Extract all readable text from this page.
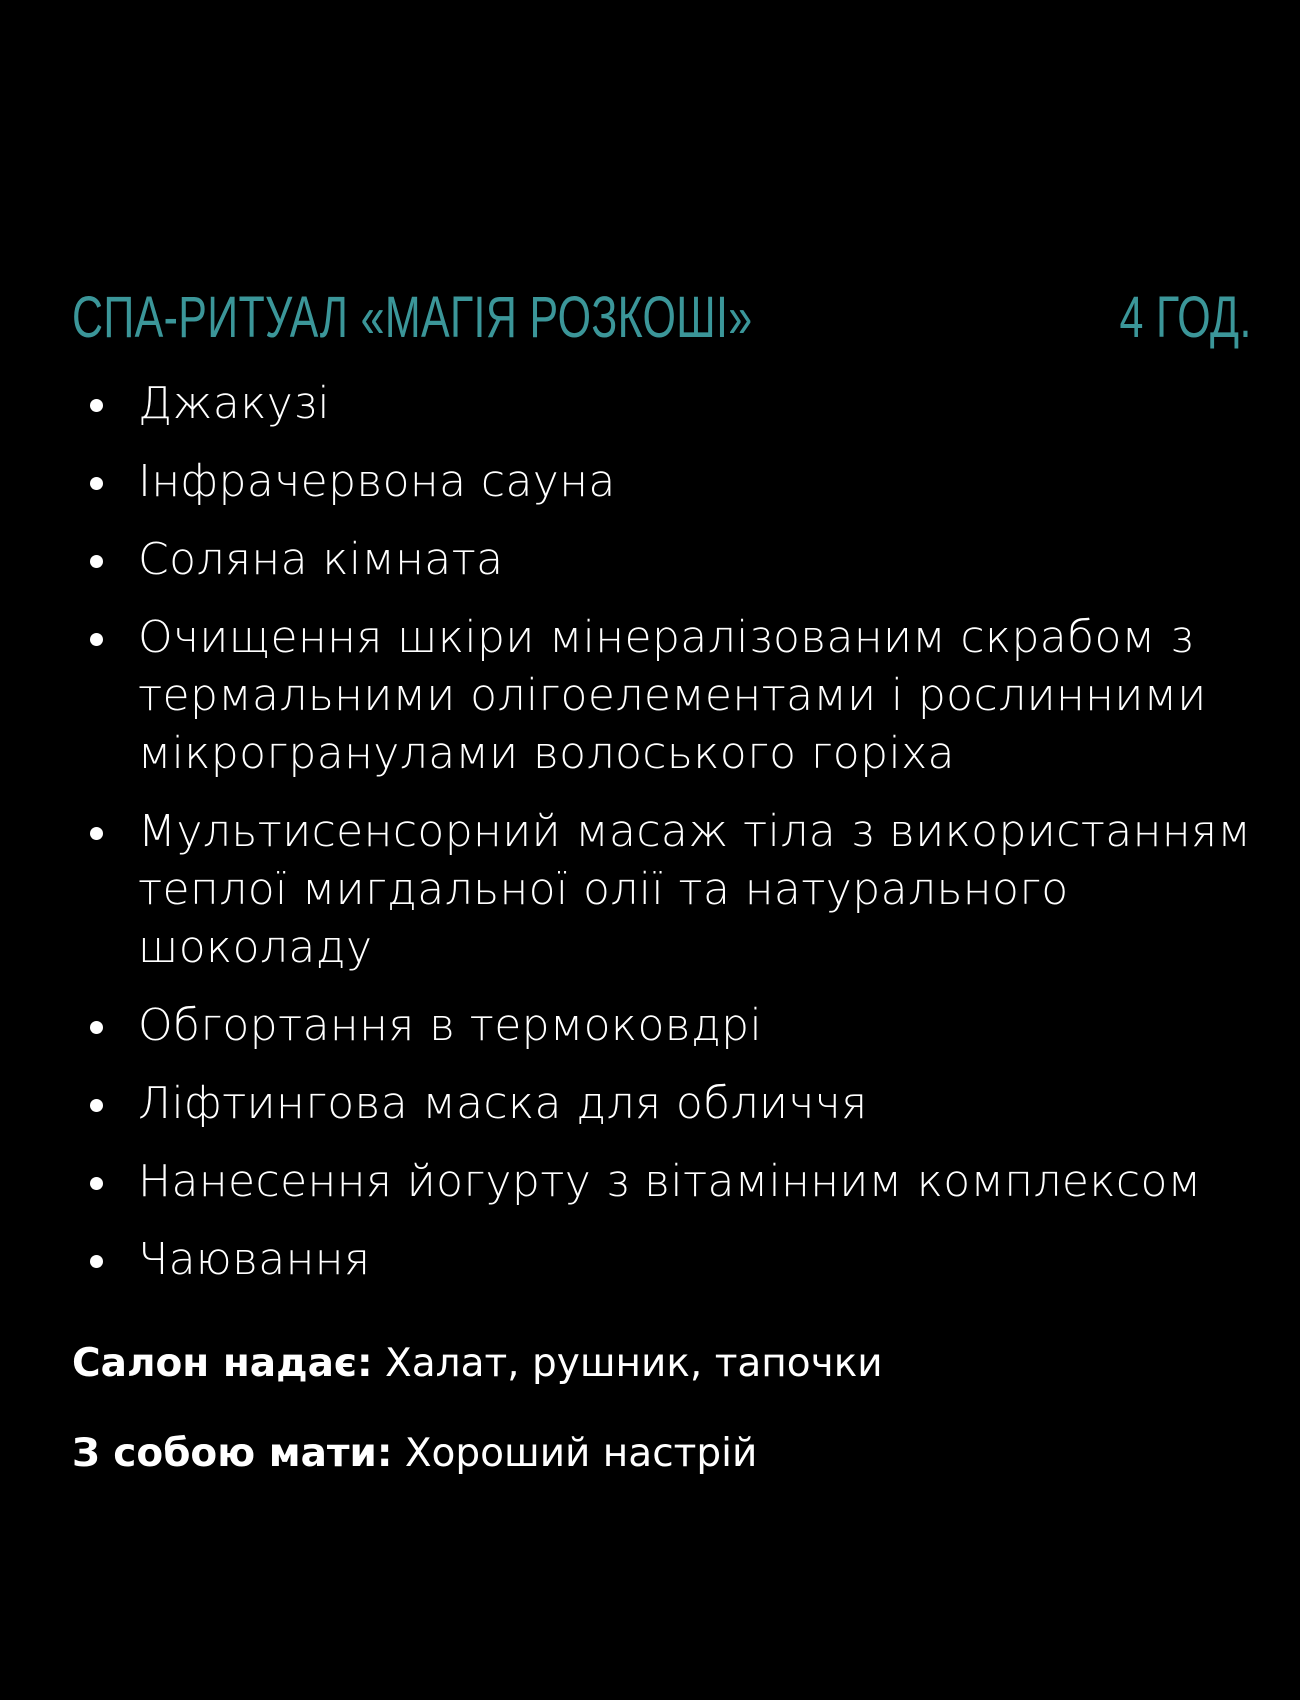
СПА-РИТУАЛ «МАГІЯ РОЗКОШІ»	4 ГОД.
Джакузі
Інфрачервона сауна
Соляна кімната
Очищення шкіри мінералізованим скрабом з термальними олігоелементами і рослинними мікрогранулами волоського горіха
Мультисенсорний масаж тіла з використанням теплої мигдальної олії та натурального шоколаду
Обгортання в термоковдрі
Ліфтингова маска для обличчя
Нанесення йогурту з вітамінним комплексом
Чаювання
Салон надає: Халат, рушник, тапочки
З собою мати: Хороший настрій
